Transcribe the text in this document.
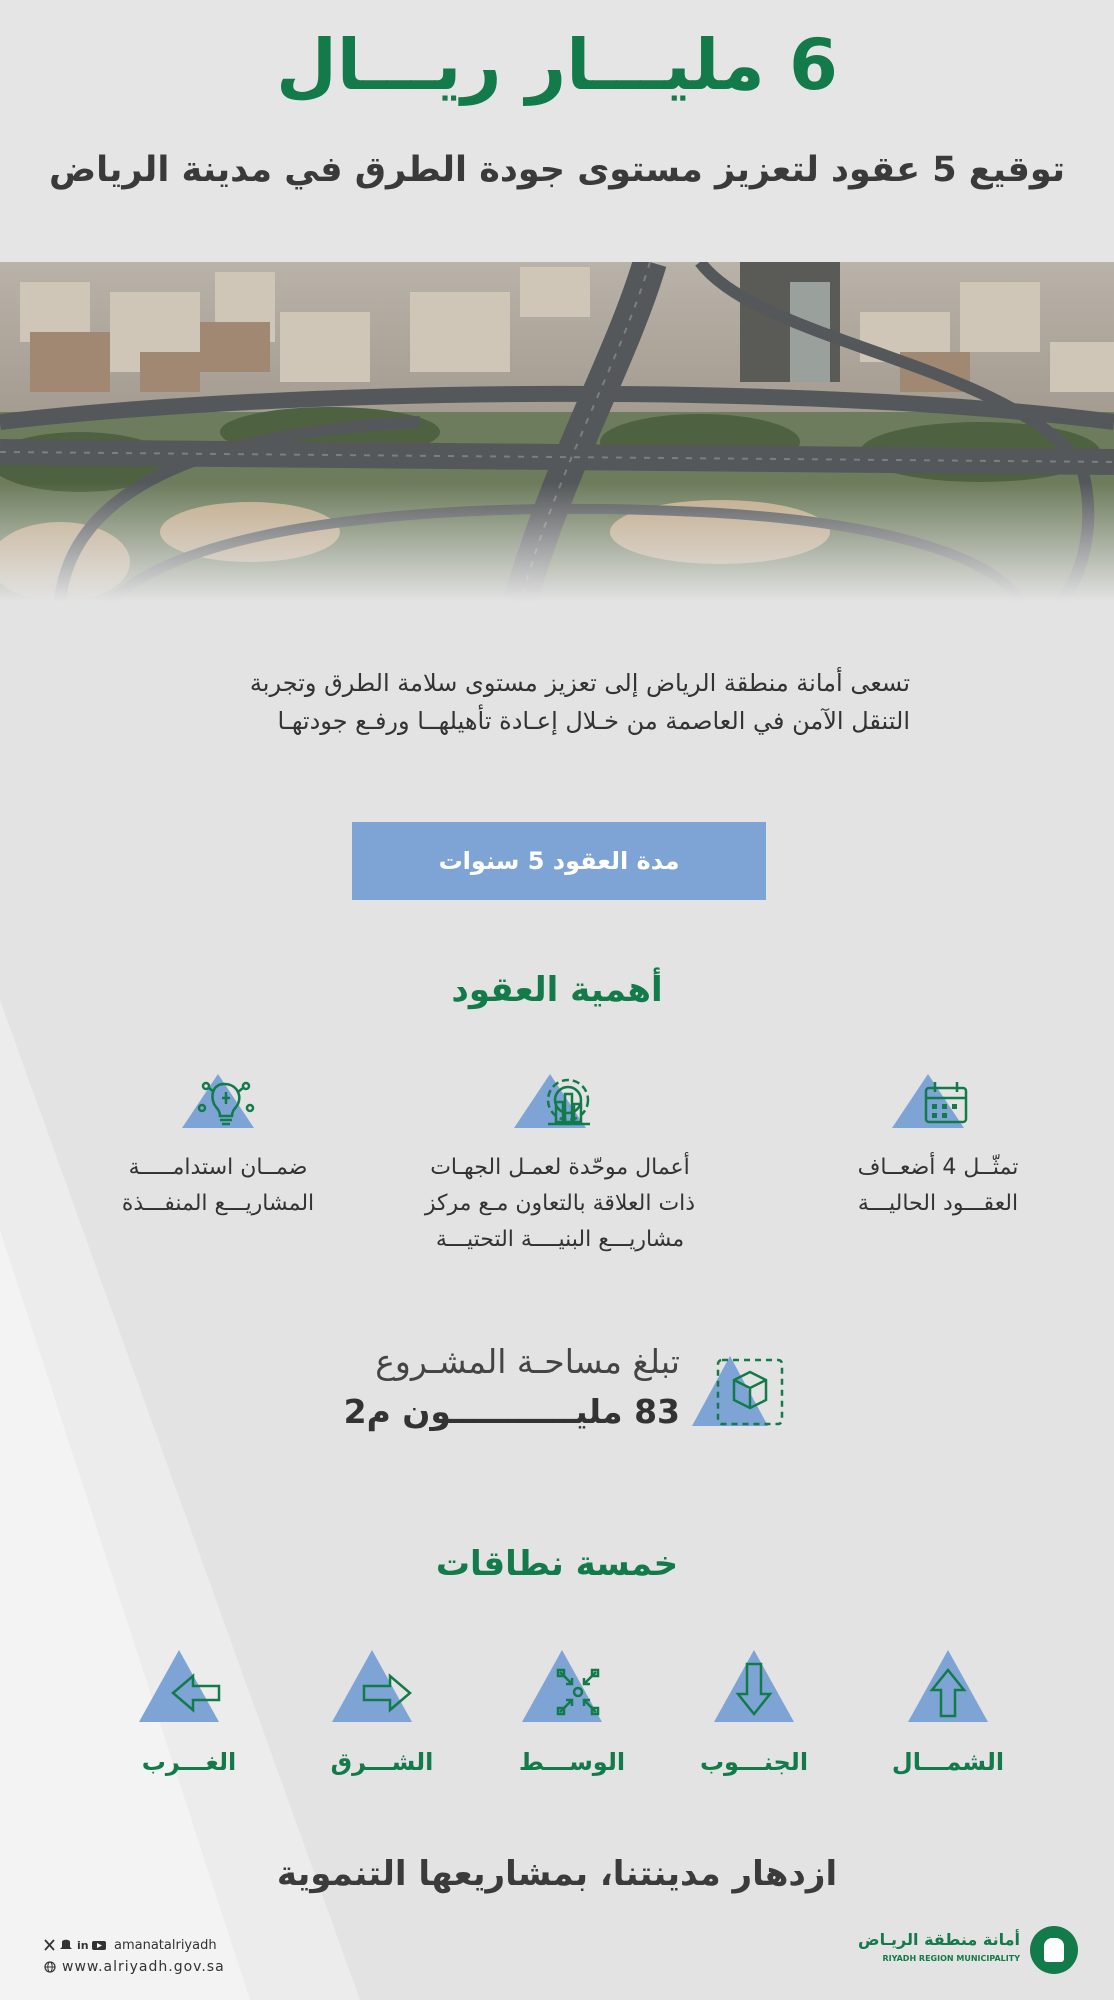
6 مليـــار ريـــال
توقيع 5 عقود لتعزيز مستوى جودة الطرق في مدينة الرياض
تسعى أمانة منطقة الرياض إلى تعزيز مستوى سلامة الطرق وتجربة
التنقل الآمن في العاصمة من خـلال إعـادة تأهيلهــا ورفـع جودتهـا
مدة العقود 5 سنوات
أهمية العقود
تمثّــل 4 أضعــاف
العقـــود الحاليـــة
أعمال موحّدة لعمـل الجهـات
ذات العلاقة بالتعاون مـع مركز
مشاريـــع البنيــــة التحتيـــة
ضمــان استدامـــــة
المشاريـــع المنفـــذة
تبلغ مساحـة المشـروع
83 مليـــــــــــون م2
خمسة نطاقات
الشمـــال
الجنـــوب
الوســـط
الشـــرق
الغـــرب
ازدهار مدينتنا، بمشاريعها التنموية
in amanatalriyadh
www.alriyadh.gov.sa
أمانة منطقة الريـاض
RIYADH REGION MUNICIPALITY
